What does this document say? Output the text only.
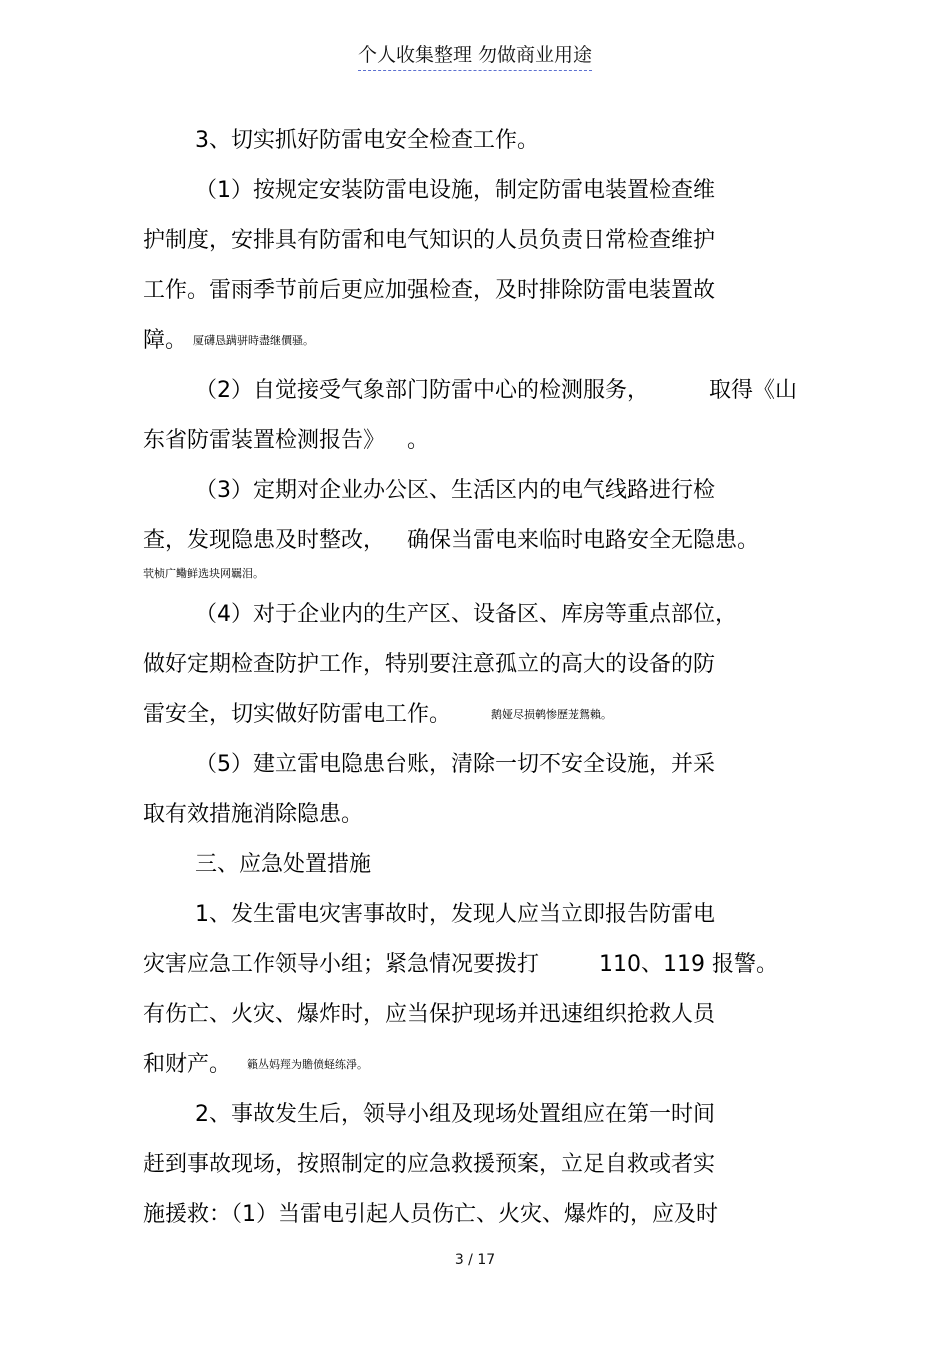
个人收集整理 勿做商业用途
3、切实抓好防雷电安全检查工作。
（1）按规定安装防雷电设施，制定防雷电装置检查维
护制度，安排具有防雷和电气知识的人员负责日常检查维护
工作。雷雨季节前后更应加强检查，及时排除防雷电装置故
障。 厦礴恳蹒骈時盡继價骚。
（2）自觉接受气象部门防雷中心的检测服务，	取得《山
东省防雷装置检测报告》 。
（3）定期对企业办公区、生活区内的电气线路进行检
查，发现隐患及时整改， 确保当雷电来临时电路安全无隐患。
茕桢广鳓鲜选块网羈泪。
（4）对于企业内的生产区、设备区、库房等重点部位，
做好定期检查防护工作，特别要注意孤立的高大的设备的防
雷安全，切实做好防雷电工作。	鹅娅尽损鹌惨歷茏鴛賴。
（5）建立雷电隐患台账，清除一切不安全设施，并采
取有效措施消除隐患。
三、应急处置措施
1、发生雷电灾害事故时，发现人应当立即报告防雷电
灾害应急工作领导小组；紧急情况要拨打	110、119 报警。
有伤亡、火灾、爆炸时，应当保护现场并迅速组织抢救人员
和财产。 籟丛妈羥为贍偾蛏练淨。
2、事故发生后，领导小组及现场处置组应在第一时间
赶到事故现场，按照制定的应急救援预案，立足自救或者实
施援救：（1）当雷电引起人员伤亡、火灾、爆炸的，应及时
3 / 17
